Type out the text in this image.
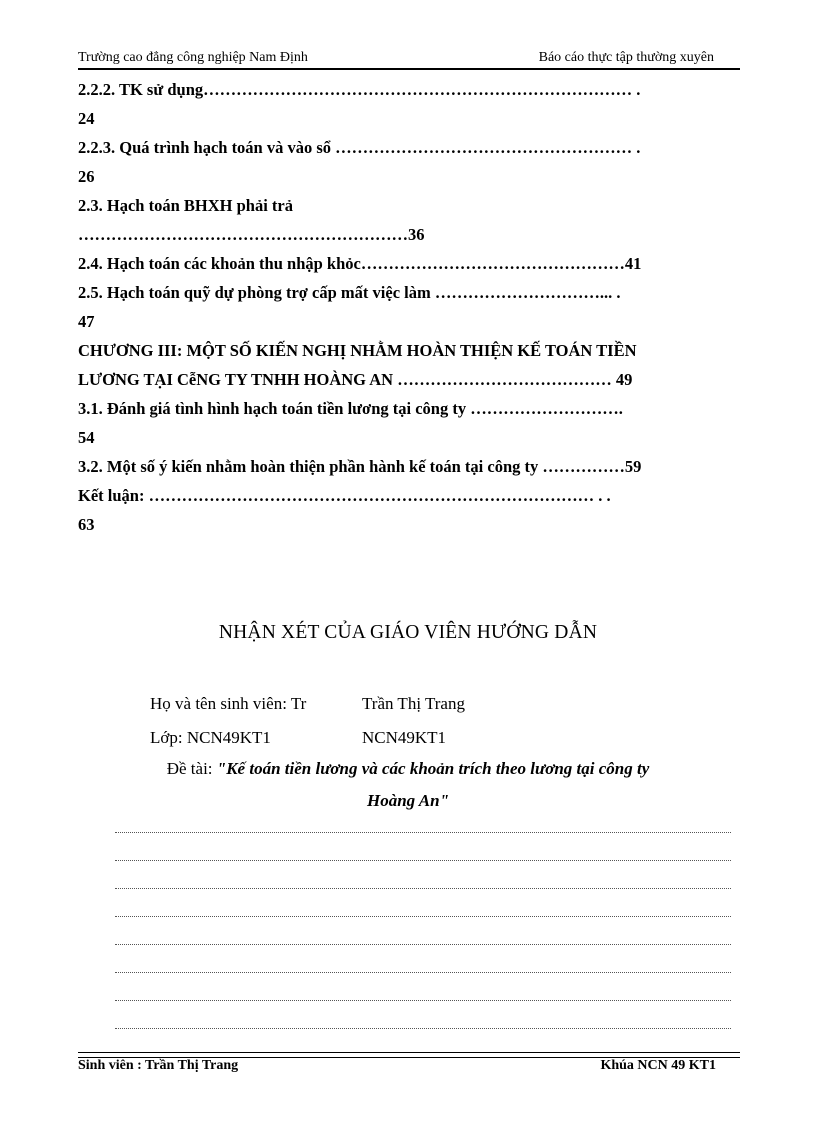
Trường cao đẳng công nghiệp Nam Định	Báo cáo thực tập thường xuyên
2.2.2. TK sử dụng…………………………………………………………………… .
24
2.2.3. Quá trình hạch toán và vào sổ ……………………………………………… .
26
2.3. Hạch toán BHXH phải trả
……………………………………………………36
2.4. Hạch toán các khoản thu nhập khỏc…………………………………………41
2.5. Hạch toán quỹ dự phòng trợ cấp mất việc làm …………………………... .
47
CHƯƠNG III: MỘT SỐ KIẾN NGHỊ NHẰM HOÀN THIỆN KẾ TOÁN TIỀN
LƯƠNG TẠI CễNG TY TNHH HOÀNG AN ………………………………… 49
3.1. Đánh giá tình hình hạch toán tiền lương tại công ty ……………………….
54
3.2. Một số ý kiến nhằm hoàn thiện phần hành kế toán tại công ty ……………59
Kết luận: ……………………………………………………………………… . .
63
NHẬN XÉT CỦA GIÁO VIÊN HƯỚNG DẪN
Họ và tên sinh viên: Tr	Trần Thị Trang
Lớp: NCN49KT1	NCN49KT1
Đề tài: "Kế toán tiền lương và các khoản trích theo lương tại công ty
Hoàng An"
Sinh viên : Trần Thị Trang	Khúa NCN 49 KT1
